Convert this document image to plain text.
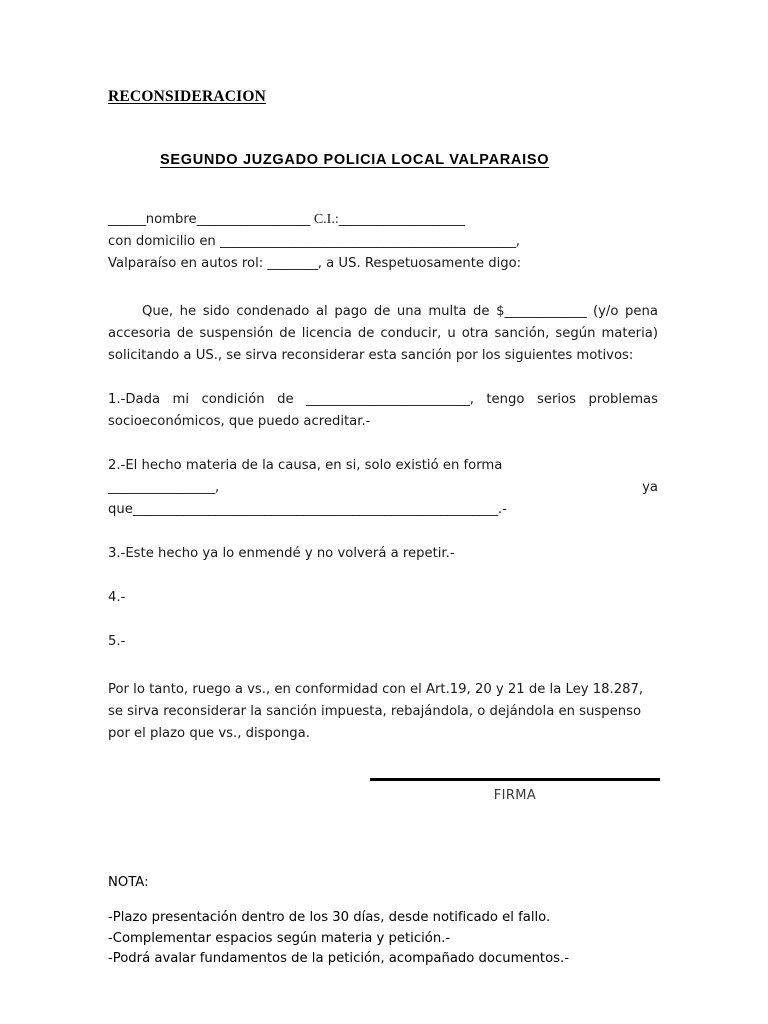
RECONSIDERACION
SEGUNDO JUZGADO POLICIA LOCAL VALPARAISO

______nombre__________________ C.I.:____________________

con domicilio en _______________________________________________,

Valparaíso en autos rol: ________, a US. Respetuosamente digo:

Que, he sido condenado al pago de una multa de $_____________ (y/o pena accesoria de suspensión de licencia de conducir, u otra sanción, según materia) solicitando a US., se sirva reconsiderar esta sanción por los siguientes motivos:

1.-Dada mi condición de __________________________, tengo serios problemas socioeconómicos, que puedo acreditar.-

2.-El hecho materia de la causa, en si, solo existió en forma_________________,	ya

que__________________________________________________________.-

3.-Este hecho ya lo enmendé y no volverá a repetir.-

4.-

5.-

Por lo tanto, ruego a vs., en conformidad con el Art.19, 20 y 21 de la Ley 18.287, se sirva reconsiderar la sanción impuesta, rebajándola, o dejándola en suspenso por el plazo que vs., disponga.

FIRMA

NOTA:

-Plazo presentación dentro de los 30 días, desde notificado el fallo.
-Complementar espacios según materia y petición.-
-Podrá avalar fundamentos de la petición, acompañado documentos.-
